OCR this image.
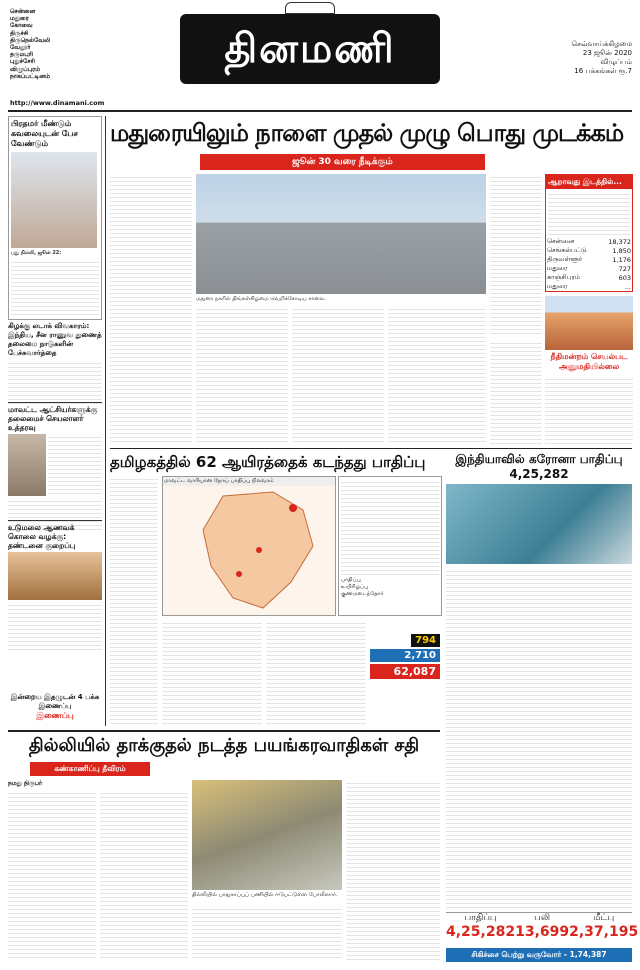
சென்னை
மதுரை
கோவை
திருச்சி
திருநெல்வேலி
வேலூர்
தருமபுரி
புதுச்சேரி
விழுப்புரம்
நாகப்பட்டினம்
http://www.dinamani.com
தினமணி	செவ்வாய்க்கிழமை
23 ஜூன் 2020
விழுப்பம்
16 பக்கங்கள் ரூ.7
பிரதமர் மீண்டும் கவலையுடன் பேச வேண்டும்
புது தில்லி, ஜூன் 22:
கிழக்கு லடாக் விவகாரம்: இந்திய, சீன ராணுவ துணைத் தலைமை நாடுகளின் பேச்சுவார்த்தை
மாவட்ட ஆட்சியர்களுக்கு தலைமைச் செயலாளர் உத்தரவு
உடுமலை ஆணவக் கொலை வழக்கு: தண்டனை குறைப்பு
இன்றைய இதழுடன் 4 பக்க இணைப்பு
இணைப்பு
மதுரையிலும் நாளை முதல் முழு பொது முடக்கம்
ஜூன் 30 வரை நீடிக்கும்
மதுரை நகரில் திங்கள்கிழமை வெறிச்சோடிய சாலை.
ஆறாவது இடத்தில்...
சென்னை	18,372
செங்கல்பட்டு	1,850
திருவள்ளூர்	1,176
மதுரை	727
காஞ்சிபுரம்	603
மதுரை	...
நீதிமன்றம் செயல்பட அனுமதியில்லை
தமிழகத்தில் 62 ஆயிரத்தைக் கடந்தது பாதிப்பு
மாவட்ட வாரியான நோய் பாதிப்பு நிலவரம்
பாதிப்பு
உயிரிழப்பு
குணமடைந்தோர்
794
2,710
62,087
இந்தியாவில் கரோனா பாதிப்பு 4,25,282
பாதிப்பு
4,25,282
பலி
13,699
மீட்பு
2,37,195
சிகிச்சை பெற்று வருவோர் - 1,74,387
தில்லியில் தாக்குதல் நடத்த பயங்கரவாதிகள் சதி
கண்காணிப்பு தீவிரம்
நமது நிருபர்
தில்லியில் பாதுகாப்புப் பணியில் ஈடுபட்டுள்ள போலீஸார்.
